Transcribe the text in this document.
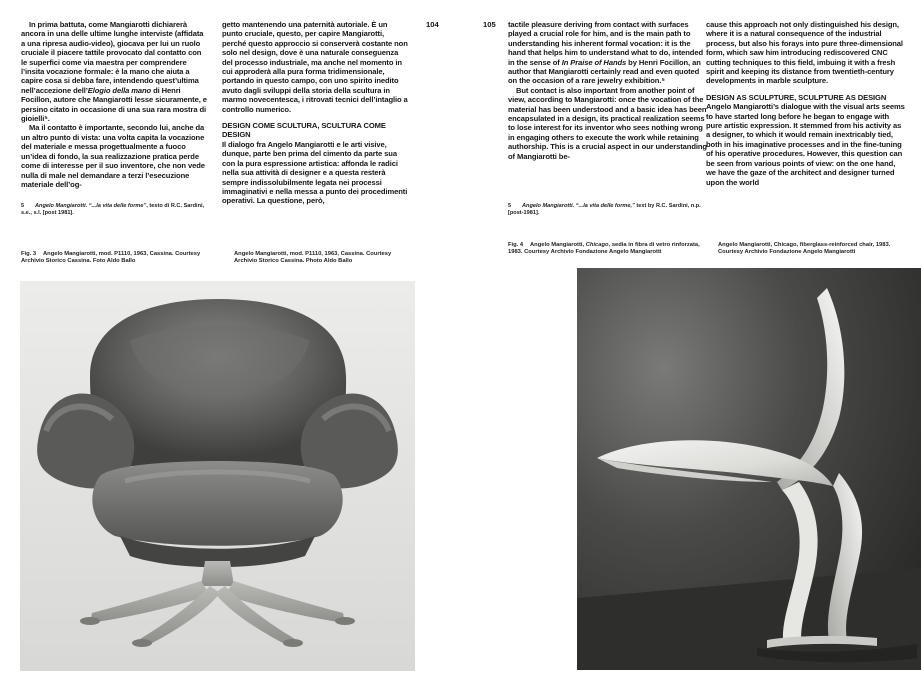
In prima battuta, come Mangiarotti dichiarerà ancora in una delle ultime lunghe interviste (affidata a una ripresa audio-video), giocava per lui un ruolo cruciale il piacere tattile provocato dal contatto con le superfici come via maestra per comprendere l’insita vocazione formale: è la mano che aiuta a capire cosa si debba fare, intendendo quest’ultima nell’accezione dell’Elogio della mano di Henri Focillon, autore che Mangiarotti lesse sicuramente, e persino citato in occasione di una sua rara mostra di gioielli⁵.

Ma il contatto è importante, secondo lui, anche da un altro punto di vista: una volta capita la vocazione del materiale e messa progettualmente a fuoco un’idea di fondo, la sua realizzazione pratica perde come di interesse per il suo inventore, che non vede nulla di male nel demandare a terzi l’esecuzione materiale dell’og-

5 Angelo Mangiarotti. “...la vita delle forme”, testo di R.C. Sardini, s.e., s.l. [post 1981].

getto mantenendo una paternità autoriale. È un punto cruciale, questo, per capire Mangiarotti, perché questo approccio si conserverà costante non solo nel design, dove è una naturale conseguenza del processo industriale, ma anche nel momento in cui approderà alla pura forma tridimensionale, portando in questo campo, con uno spirito inedito avuto dagli sviluppi della storia della scultura in marmo novecentesca, i ritrovati tecnici dell’intaglio a controllo numerico.

DESIGN COME SCULTURA, SCULTURA COME DESIGN

Il dialogo fra Angelo Mangiarotti e le arti visive, dunque, parte ben prima del cimento da parte sua con la pura espressione artistica: affonda le radici nella sua attività di designer e a questa resterà sempre indissolubilmente legata nei processi immaginativi e nella messa a punto dei procedimenti operativi. La questione, però,

104
Fig. 3 Angelo Mangiarotti, mod. P1110, 1963, Cassina. Courtesy Archivio Storico Cassina. Foto Aldo Ballo
Angelo Mangiarotti, mod. P1110, 1963, Cassina. Courtesy Archivio Storico Cassina. Photo Aldo Ballo
105 tactile pleasure deriving from contact with surfaces played a crucial role for him, and is the main path to understanding his inherent formal vocation: it is the hand that helps him to understand what to do, intended in the sense of In Praise of Hands by Henri Focillon, an author that Mangiarotti certainly read and even quoted on the occasion of a rare jewelry exhibition.⁵

But contact is also important from another point of view, according to Mangiarotti: once the vocation of the material has been understood and a basic idea has been encapsulated in a design, its practical realization seems to lose interest for its inventor who sees nothing wrong in engaging others to execute the work while retaining authorship. This is a crucial aspect in our understanding of Mangiarotti be-

5 Angelo Mangiarotti. “...la vita delle forme,” text by R.C. Sardini, n.p. [post-1981].

cause this approach not only distinguished his design, where it is a natural consequence of the industrial process, but also his forays into pure three-dimensional form, which saw him introducing rediscovered CNC cutting techniques to this field, imbuing it with a fresh spirit and keeping its distance from twentieth-century developments in marble sculpture.

DESIGN AS SCULPTURE, SCULPTURE AS DESIGN

Angelo Mangiarotti’s dialogue with the visual arts seems to have started long before he began to engage with pure artistic expression. It stemmed from his activity as a designer, to which it would remain inextricably tied, both in his imaginative processes and in the fine-tuning of his operative procedures. However, this question can be seen from various points of view: on the one hand, we have the gaze of the architect and designer turned upon the world

Fig. 4 Angelo Mangiarotti, Chicago, sedia in fibra di vetro rinforzata, 1983. Courtesy Archivio Fondazione Angelo Mangiarotti
Angelo Mangiarotti, Chicago, fiberglass-reinforced chair, 1983. Courtesy Archivio Fondazione Angelo Mangiarotti
